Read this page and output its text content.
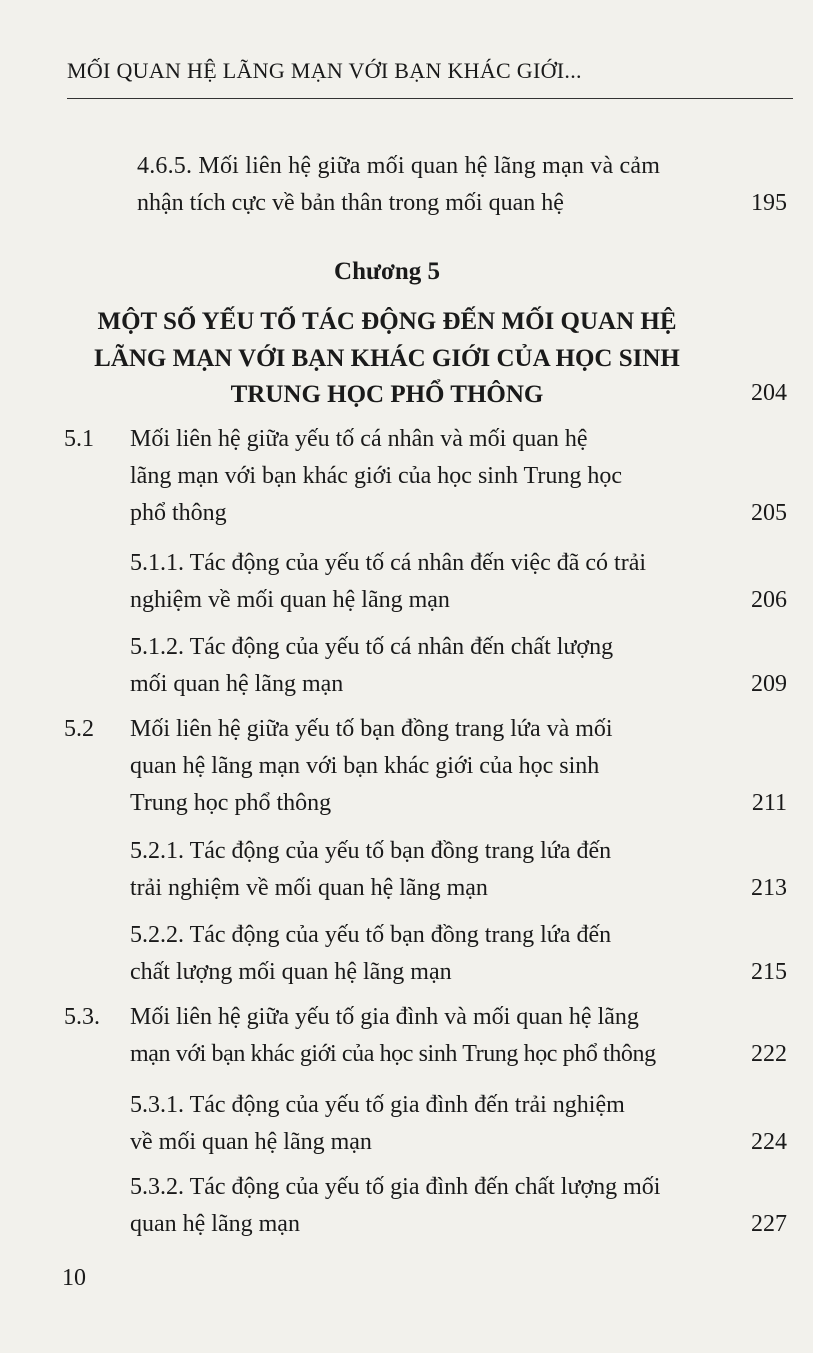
MỐI QUAN HỆ LÃNG MẠN VỚI BẠN KHÁC GIỚI...
4.6.5. Mối liên hệ giữa mối quan hệ lãng mạn và cảm
nhận tích cực về bản thân trong mối quan hệ	195
Chương 5
MỘT SỐ YẾU TỐ TÁC ĐỘNG ĐẾN MỐI QUAN HỆ
LÃNG MẠN VỚI BẠN KHÁC GIỚI CỦA HỌC SINH
TRUNG HỌC PHỔ THÔNG	204
5.1 Mối liên hệ giữa yếu tố cá nhân và mối quan hệ
lãng mạn với bạn khác giới của học sinh Trung học
phổ thông	205
5.1.1. Tác động của yếu tố cá nhân đến việc đã có trải
nghiệm về mối quan hệ lãng mạn	206
5.1.2. Tác động của yếu tố cá nhân đến chất lượng
mối quan hệ lãng mạn	209
5.2 Mối liên hệ giữa yếu tố bạn đồng trang lứa và mối
quan hệ lãng mạn với bạn khác giới của học sinh
Trung học phổ thông	211
5.2.1. Tác động của yếu tố bạn đồng trang lứa đến
trải nghiệm về mối quan hệ lãng mạn	213
5.2.2. Tác động của yếu tố bạn đồng trang lứa đến
chất lượng mối quan hệ lãng mạn	215
5.3. Mối liên hệ giữa yếu tố gia đình và mối quan hệ lãng
mạn với bạn khác giới của học sinh Trung học phổ thông	222
5.3.1. Tác động của yếu tố gia đình đến trải nghiệm
về mối quan hệ lãng mạn	224
5.3.2. Tác động của yếu tố gia đình đến chất lượng mối
quan hệ lãng mạn	227
10
